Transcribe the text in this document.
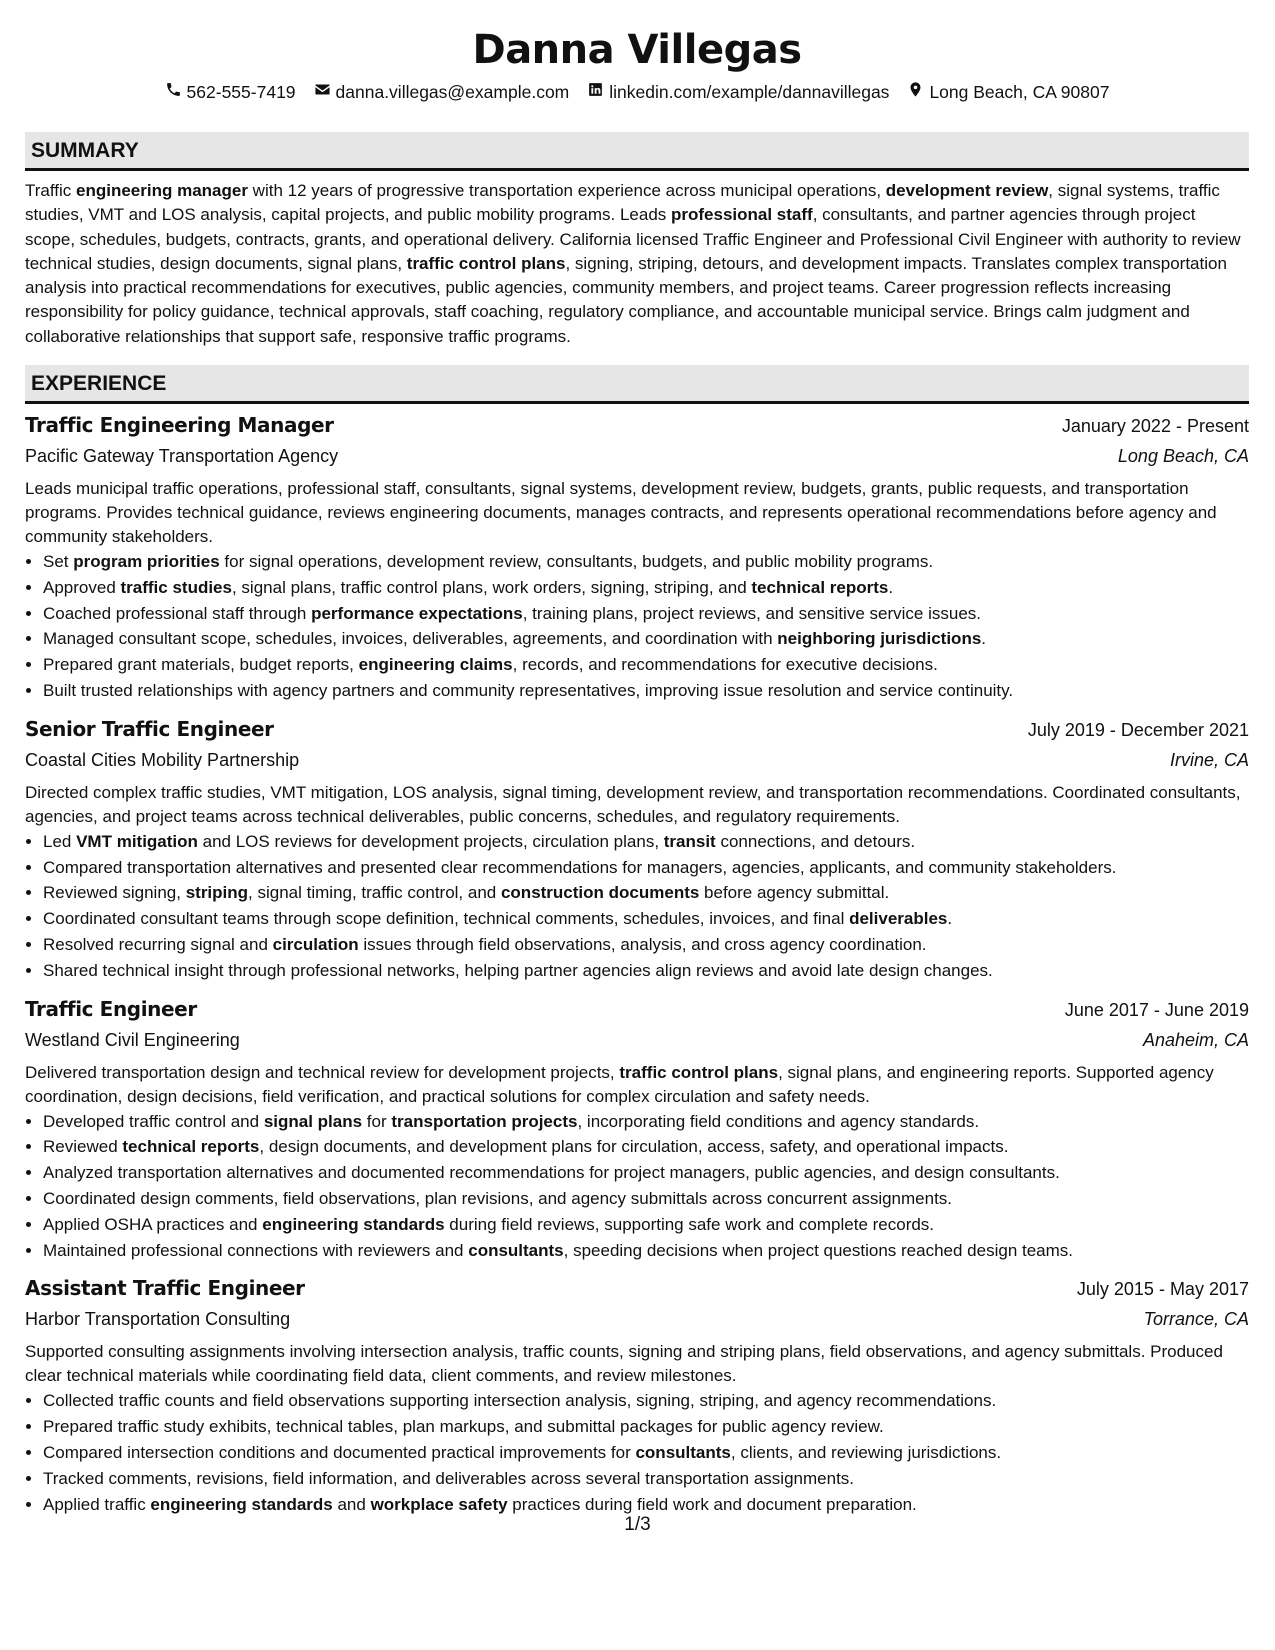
Danna Villegas
562-555-7419 danna.villegas@example.com linkedin.com/example/dannavillegas Long Beach, CA 90807
SUMMARY
Traffic engineering manager with 12 years of progressive transportation experience across municipal operations, development review, signal systems, traffic studies, VMT and LOS analysis, capital projects, and public mobility programs. Leads professional staff, consultants, and partner agencies through project scope, schedules, budgets, contracts, grants, and operational delivery. California licensed Traffic Engineer and Professional Civil Engineer with authority to review technical studies, design documents, signal plans, traffic control plans, signing, striping, detours, and development impacts. Translates complex transportation analysis into practical recommendations for executives, public agencies, community members, and project teams. Career progression reflects increasing responsibility for policy guidance, technical approvals, staff coaching, regulatory compliance, and accountable municipal service. Brings calm judgment and collaborative relationships that support safe, responsive traffic programs.
EXPERIENCE
Traffic Engineering Manager	January 2022 - Present
Pacific Gateway Transportation Agency	Long Beach, CA
Leads municipal traffic operations, professional staff, consultants, signal systems, development review, budgets, grants, public requests, and transportation programs. Provides technical guidance, reviews engineering documents, manages contracts, and represents operational recommendations before agency and community stakeholders.
• Set program priorities for signal operations, development review, consultants, budgets, and public mobility programs.
• Approved traffic studies, signal plans, traffic control plans, work orders, signing, striping, and technical reports.
• Coached professional staff through performance expectations, training plans, project reviews, and sensitive service issues.
• Managed consultant scope, schedules, invoices, deliverables, agreements, and coordination with neighboring jurisdictions.
• Prepared grant materials, budget reports, engineering claims, records, and recommendations for executive decisions.
• Built trusted relationships with agency partners and community representatives, improving issue resolution and service continuity.
Senior Traffic Engineer	July 2019 - December 2021
Coastal Cities Mobility Partnership	Irvine, CA
Directed complex traffic studies, VMT mitigation, LOS analysis, signal timing, development review, and transportation recommendations. Coordinated consultants, agencies, and project teams across technical deliverables, public concerns, schedules, and regulatory requirements.
• Led VMT mitigation and LOS reviews for development projects, circulation plans, transit connections, and detours.
• Compared transportation alternatives and presented clear recommendations for managers, agencies, applicants, and community stakeholders.
• Reviewed signing, striping, signal timing, traffic control, and construction documents before agency submittal.
• Coordinated consultant teams through scope definition, technical comments, schedules, invoices, and final deliverables.
• Resolved recurring signal and circulation issues through field observations, analysis, and cross agency coordination.
• Shared technical insight through professional networks, helping partner agencies align reviews and avoid late design changes.
Traffic Engineer	June 2017 - June 2019
Westland Civil Engineering	Anaheim, CA
Delivered transportation design and technical review for development projects, traffic control plans, signal plans, and engineering reports. Supported agency coordination, design decisions, field verification, and practical solutions for complex circulation and safety needs.
• Developed traffic control and signal plans for transportation projects, incorporating field conditions and agency standards.
• Reviewed technical reports, design documents, and development plans for circulation, access, safety, and operational impacts.
• Analyzed transportation alternatives and documented recommendations for project managers, public agencies, and design consultants.
• Coordinated design comments, field observations, plan revisions, and agency submittals across concurrent assignments.
• Applied OSHA practices and engineering standards during field reviews, supporting safe work and complete records.
• Maintained professional connections with reviewers and consultants, speeding decisions when project questions reached design teams.
Assistant Traffic Engineer	July 2015 - May 2017
Harbor Transportation Consulting	Torrance, CA
Supported consulting assignments involving intersection analysis, traffic counts, signing and striping plans, field observations, and agency submittals. Produced clear technical materials while coordinating field data, client comments, and review milestones.
• Collected traffic counts and field observations supporting intersection analysis, signing, striping, and agency recommendations.
• Prepared traffic study exhibits, technical tables, plan markups, and submittal packages for public agency review.
• Compared intersection conditions and documented practical improvements for consultants, clients, and reviewing jurisdictions.
• Tracked comments, revisions, field information, and deliverables across several transportation assignments.
• Applied traffic engineering standards and workplace safety practices during field work and document preparation.
1/3
